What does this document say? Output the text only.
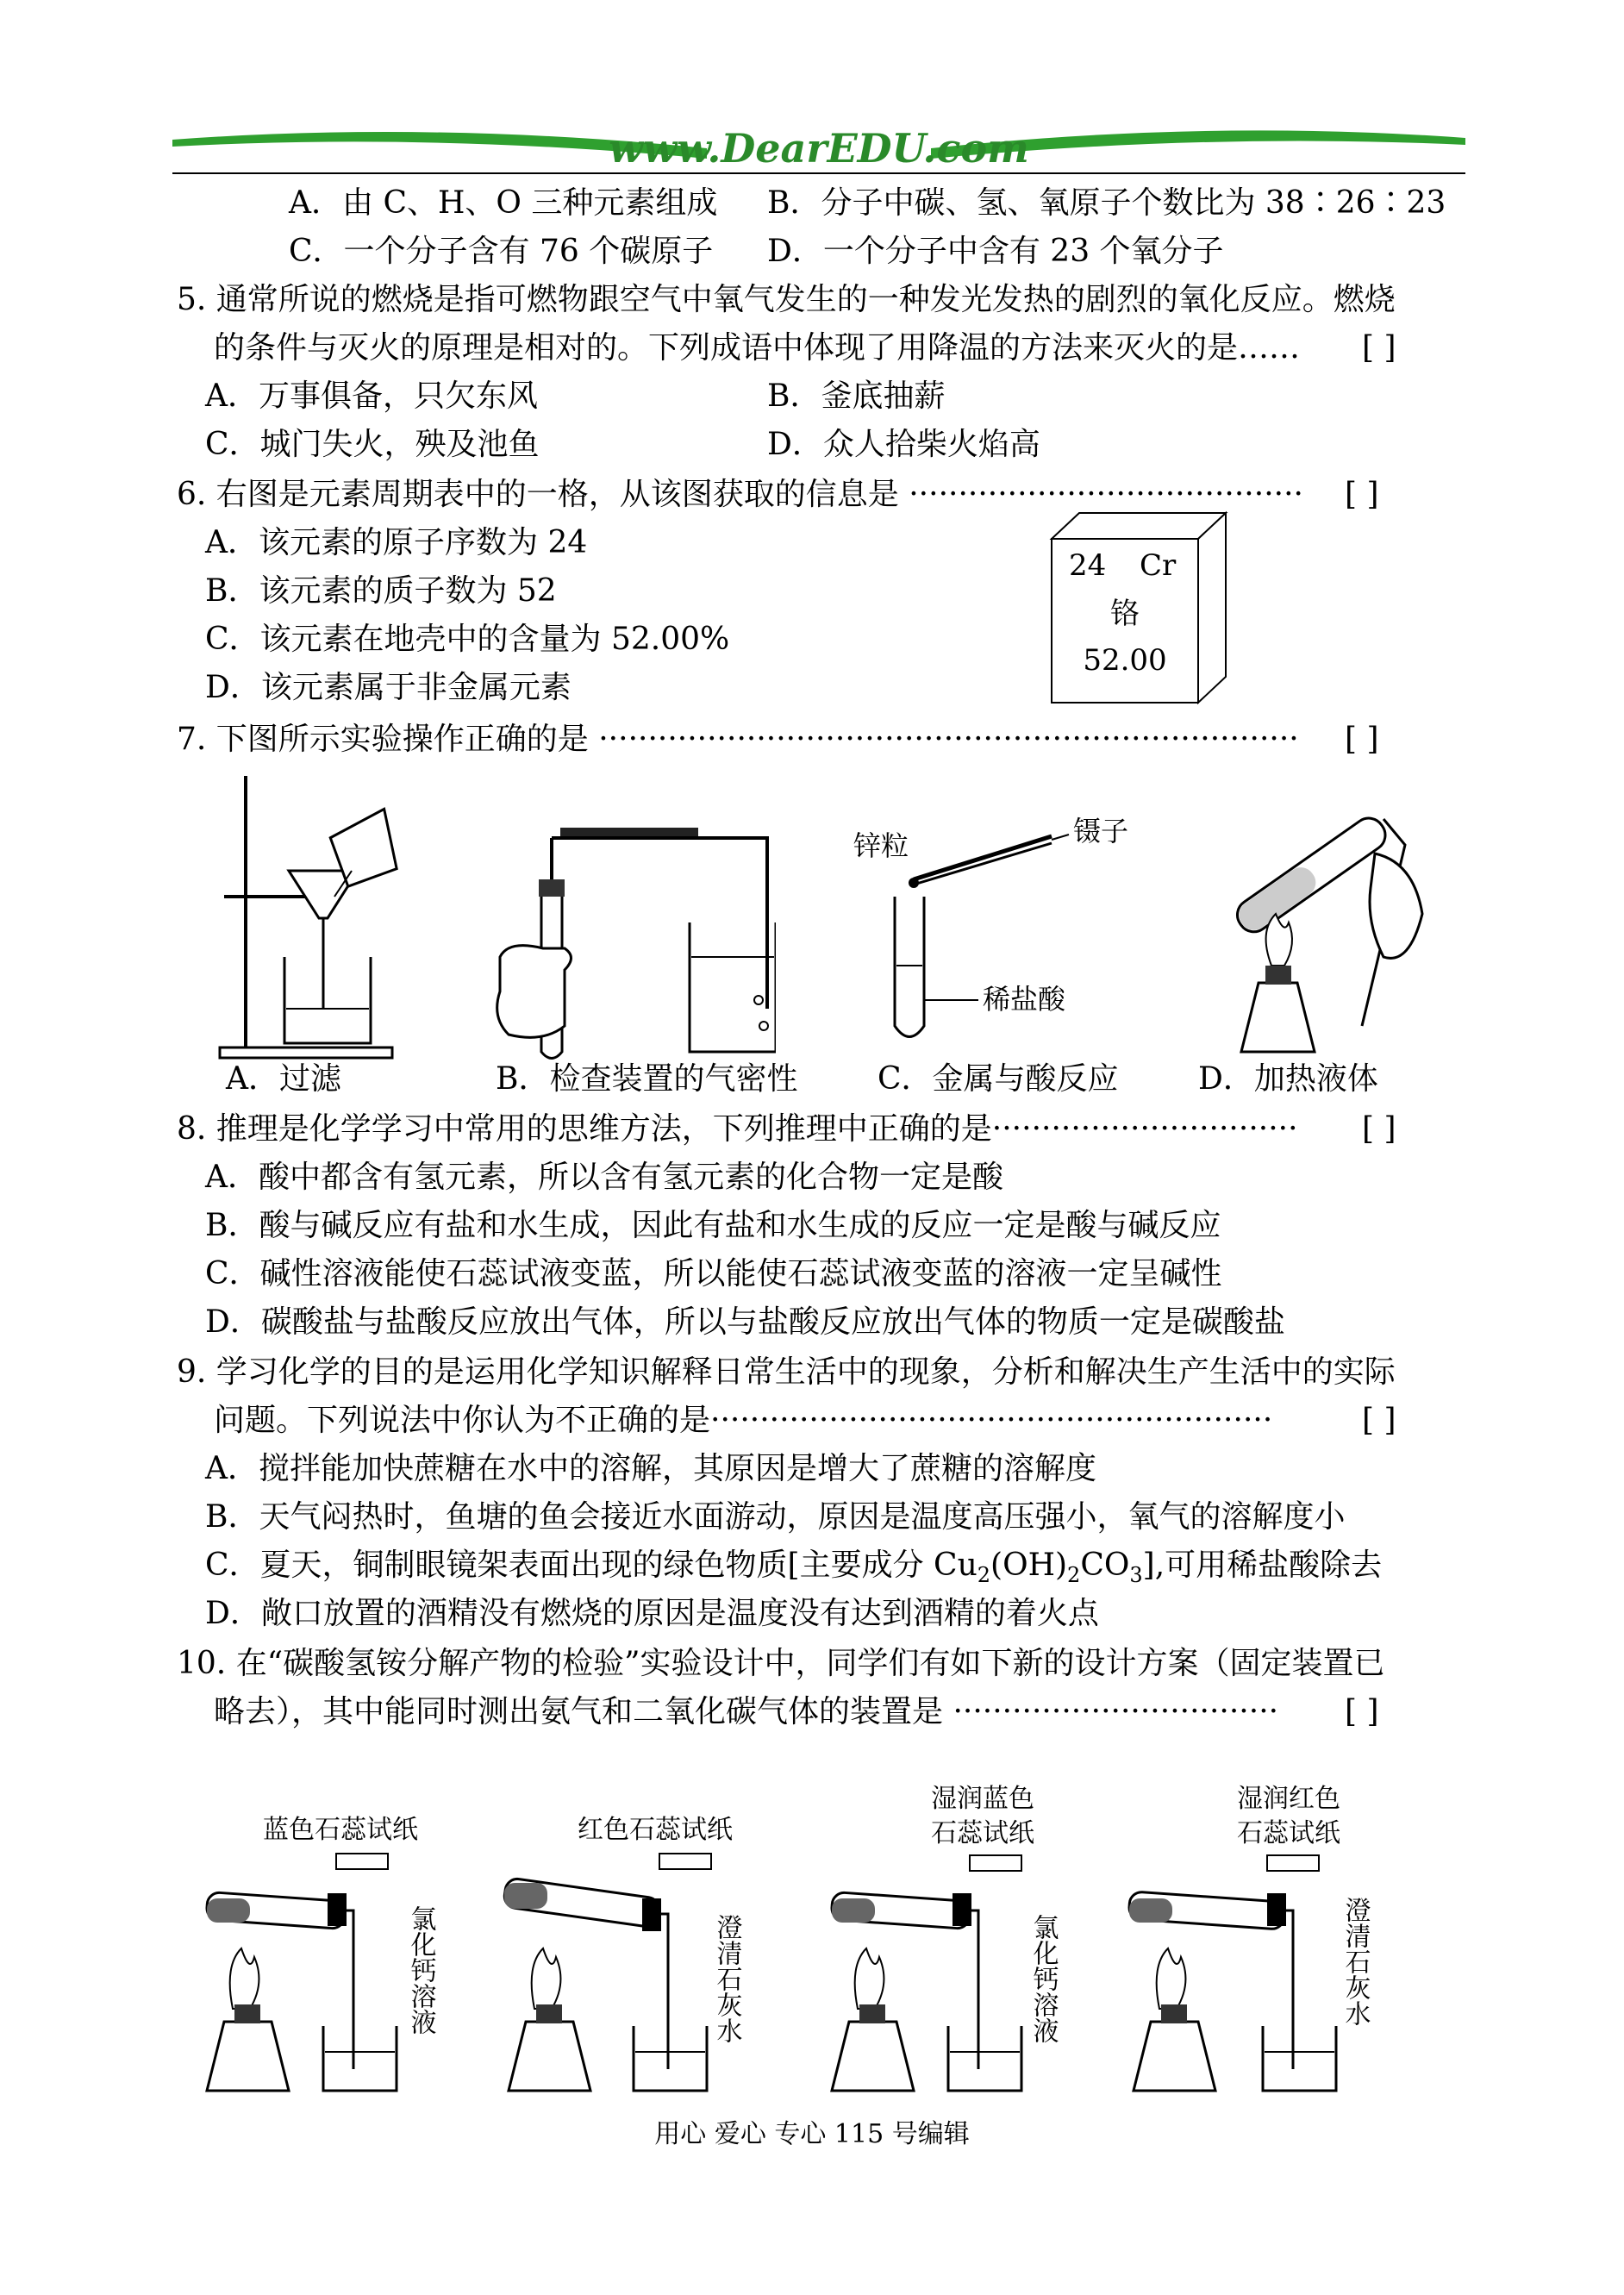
www.DearEDU.com
A．由 C、H、O 三种元素组成 B．分子中碳、氢、氧原子个数比为 38∶26∶23
C．一个分子含有 76 个碳原子 D．一个分子中含有 23 个氧分子
5. 通常所说的燃烧是指可燃物跟空气中氧气发生的一种发光发热的剧烈的氧化反应。燃烧
的条件与灭火的原理是相对的。下列成语中体现了用降温的方法来灭火的是…… [ ]
A．万事俱备，只欠东风	B．釜底抽薪
C．城门失火，殃及池鱼	D．众人拾柴火焰高
6. 右图是元素周期表中的一格，从该图获取的信息是 ········································ [ ]
A．该元素的原子序数为 24
B．该元素的质子数为 52
C．该元素在地壳中的含量为 52.00%
D．该元素属于非金属元素
24 Cr
铬
52.00
7. 下图所示实验操作正确的是 ······································································· [ ]
锌粒	镊子
稀盐酸
A．过滤	B．检查装置的气密性	C．金属与酸反应	D．加热液体
8. 推理是化学学习中常用的思维方法，下列推理中正确的是······························· [ ]
A．酸中都含有氢元素，所以含有氢元素的化合物一定是酸
B．酸与碱反应有盐和水生成，因此有盐和水生成的反应一定是酸与碱反应
C．碱性溶液能使石蕊试液变蓝，所以能使石蕊试液变蓝的溶液一定呈碱性
D．碳酸盐与盐酸反应放出气体，所以与盐酸反应放出气体的物质一定是碳酸盐
9. 学习化学的目的是运用化学知识解释日常生活中的现象，分析和解决生产生活中的实际
问题。下列说法中你认为不正确的是·························································	[ ]
A．搅拌能加快蔗糖在水中的溶解，其原因是增大了蔗糖的溶解度
B．天气闷热时，鱼塘的鱼会接近水面游动，原因是温度高压强小，氧气的溶解度小
C．夏天，铜制眼镜架表面出现的绿色物质[主要成分 $Cu_2(OH)_2CO_3$],可用稀盐酸除去
D．敞口放置的酒精没有燃烧的原因是温度没有达到酒精的着火点
10. 在“碳酸氢铵分解产物的检验”实验设计中，同学们有如下新的设计方案（固定装置已
略去），其中能同时测出氨气和二氧化碳气体的装置是 ································· [ ]
蓝色石蕊试纸
氯化钙溶液
红色石蕊试纸
澄清石灰水
湿润蓝色
石蕊试纸
氯化钙溶液
湿润红色
石蕊试纸
澄清石灰水
用心 爱心 专心 115 号编辑
